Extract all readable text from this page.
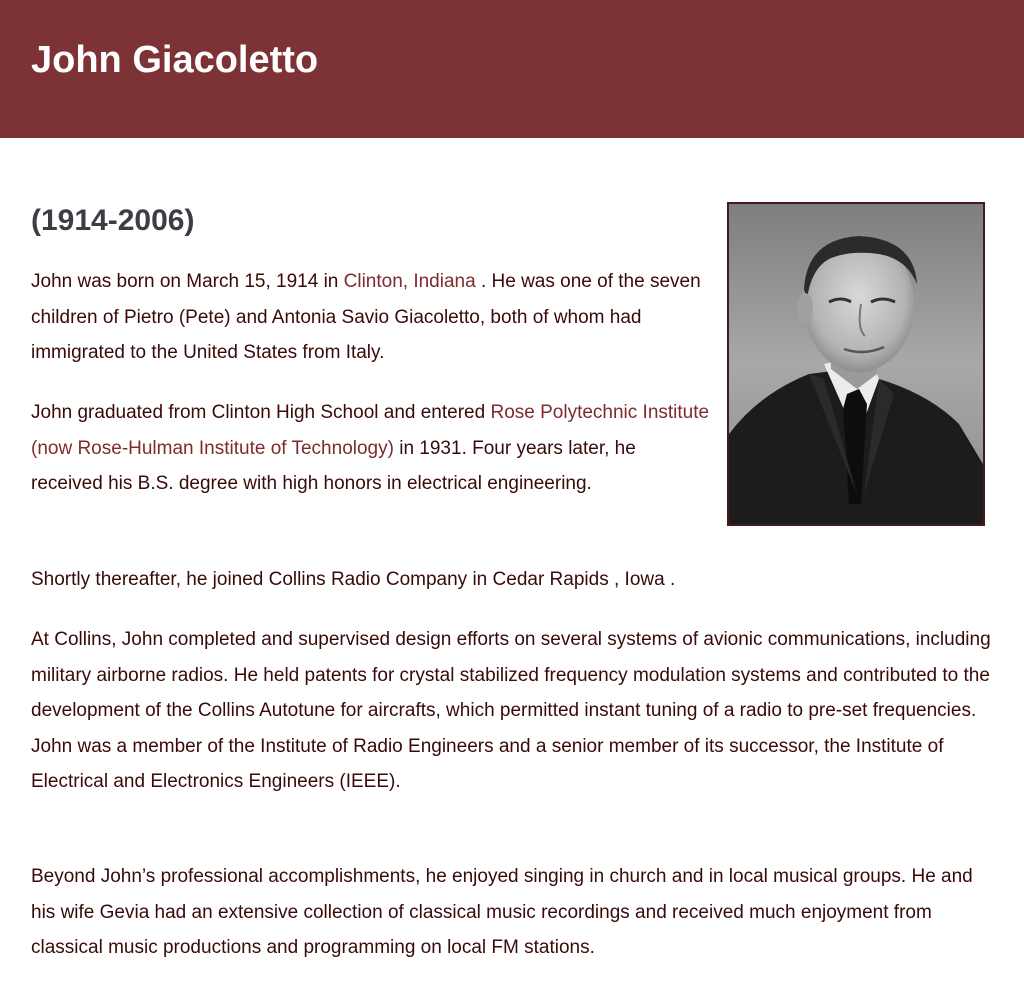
John Giacoletto
(1914-2006)

John was born on March 15, 1914 in Clinton, Indiana . He was one of the seven children of Pietro (Pete) and Antonia Savio Giacoletto, both of whom had immigrated to the United States from Italy.

John graduated from Clinton High School and entered Rose Polytechnic Institute (now Rose-Hulman Institute of Technology) in 1931. Four years later, he received his B.S. degree with high honors in electrical engineering.

Shortly thereafter, he joined Collins Radio Company in Cedar Rapids , Iowa .

At Collins, John completed and supervised design efforts on several systems of avionic communications, including military airborne radios. He held patents for crystal stabilized frequency modulation systems and contributed to the development of the Collins Autotune for aircrafts, which permitted instant tuning of a radio to pre-set frequencies. John was a member of the Institute of Radio Engineers and a senior member of its successor, the Institute of Electrical and Electronics Engineers (IEEE).

Beyond John’s professional accomplishments, he enjoyed singing in church and in local musical groups. He and his wife Gevia had an extensive collection of classical music recordings and received much enjoyment from classical music productions and programming on local FM stations.
